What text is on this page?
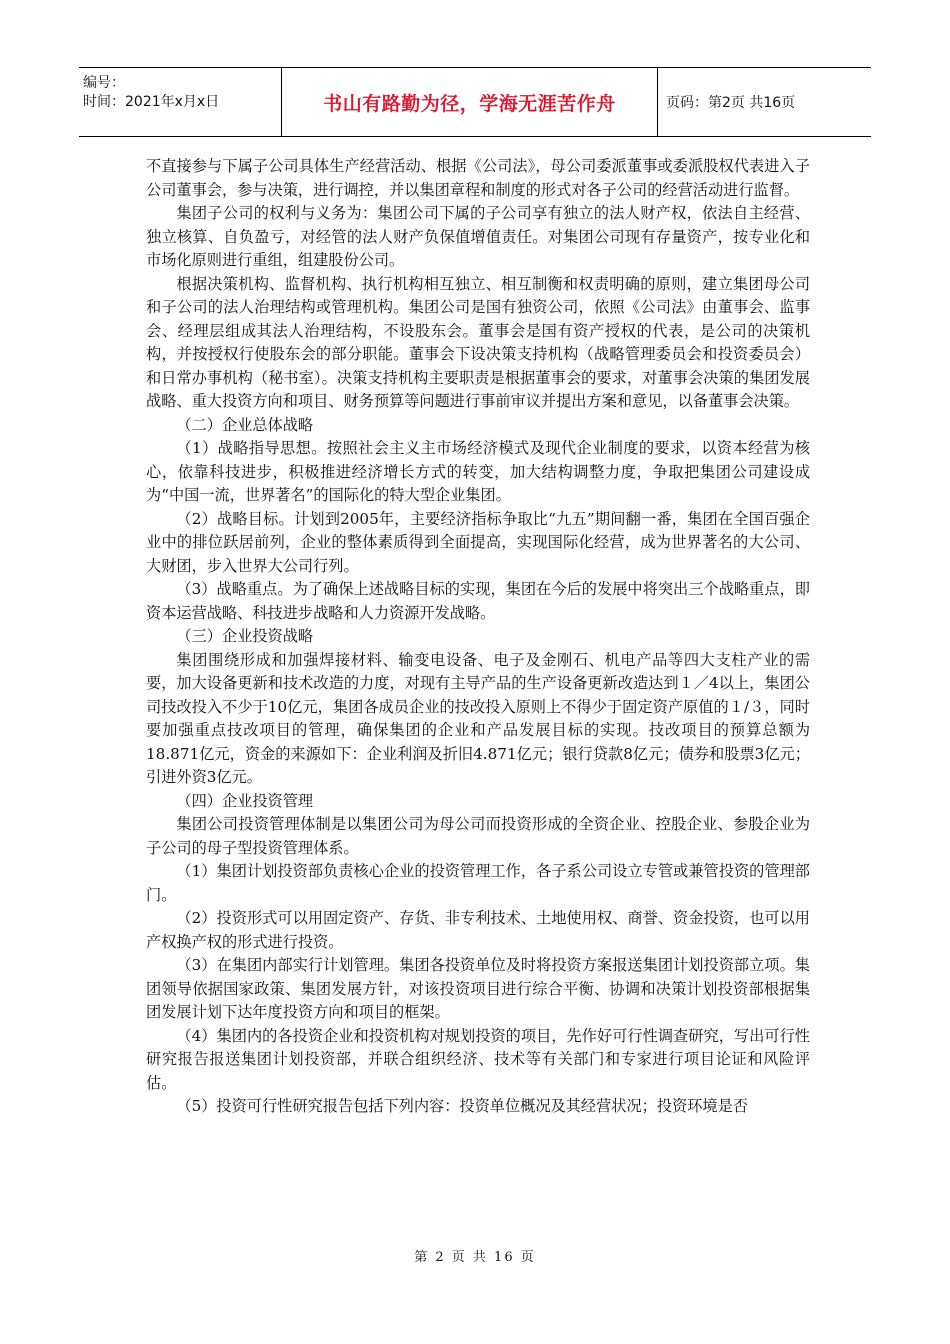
编号：
时间：2021年x月x日	书山有路勤为径，学海无涯苦作舟	页码：第2页 共16页

不直接参与下属子公司具体生产经营活动、根据《公司法》，母公司委派董事或委派股权代表进入子公司董事会，参与决策，进行调控，并以集团章程和制度的形式对各子公司的经营活动进行监督。

集团子公司的权利与义务为：集团公司下属的子公司享有独立的法人财产权，依法自主经营、独立核算、自负盈亏，对经管的法人财产负保值增值责任。对集团公司现有存量资产，按专业化和市场化原则进行重组，组建股份公司。

根据决策机构、监督机构、执行机构相互独立、相互制衡和权责明确的原则，建立集团母公司和子公司的法人治理结构或管理机构。集团公司是国有独资公司，依照《公司法》由董事会、监事会、经理层组成其法人治理结构，不设股东会。董事会是国有资产授权的代表，是公司的决策机构，并按授权行使股东会的部分职能。董事会下设决策支持机构（战略管理委员会和投资委员会）和日常办事机构（秘书室）。决策支持机构主要职责是根据董事会的要求，对董事会决策的集团发展战略、重大投资方向和项目、财务预算等问题进行事前审议并提出方案和意见，以备董事会决策。

（二）企业总体战略

（1）战略指导思想。按照社会主义主市场经济模式及现代企业制度的要求，以资本经营为核心，依靠科技进步，积极推进经济增长方式的转变，加大结构调整力度，争取把集团公司建设成为“中国一流，世界著名”的国际化的特大型企业集团。

（2）战略目标。计划到2005年，主要经济指标争取比“九五”期间翻一番，集团在全国百强企业中的排位跃居前列，企业的整体素质得到全面提高，实现国际化经营，成为世界著名的大公司、大财团，步入世界大公司行列。

（3）战略重点。为了确保上述战略目标的实现，集团在今后的发展中将突出三个战略重点，即资本运营战略、科技进步战略和人力资源开发战略。

（三）企业投资战略

集团围绕形成和加强焊接材料、输变电设备、电子及金刚石、机电产品等四大支柱产业的需要，加大设备更新和技术改造的力度，对现有主导产品的生产设备更新改造达到１／4以上，集团公司技改投入不少于10亿元，集团各成员企业的技改投入原则上不得少于固定资产原值的１/３，同时要加强重点技改项目的管理，确保集团的企业和产品发展目标的实现。技改项目的预算总额为18.871亿元，资金的来源如下：企业利润及折旧4.871亿元；银行贷款8亿元；债券和股票3亿元；引进外资3亿元。

（四）企业投资管理

集团公司投资管理体制是以集团公司为母公司而投资形成的全资企业、控股企业、参股企业为子公司的母子型投资管理体系。

（1）集团计划投资部负责核心企业的投资管理工作，各子系公司设立专管或兼管投资的管理部门。

（2）投资形式可以用固定资产、存货、非专利技术、土地使用权、商誉、资金投资，也可以用产权换产权的形式进行投资。

（3）在集团内部实行计划管理。集团各投资单位及时将投资方案报送集团计划投资部立项。集团领导依据国家政策、集团发展方针，对该投资项目进行综合平衡、协调和决策计划投资部根据集团发展计划下达年度投资方向和项目的框架。

（4）集团内的各投资企业和投资机构对规划投资的项目，先作好可行性调查研究，写出可行性研究报告报送集团计划投资部，并联合组织经济、技术等有关部门和专家进行项目论证和风险评估。

（5）投资可行性研究报告包括下列内容：投资单位概况及其经营状况；投资环境是否

第 2 页 共 16 页
